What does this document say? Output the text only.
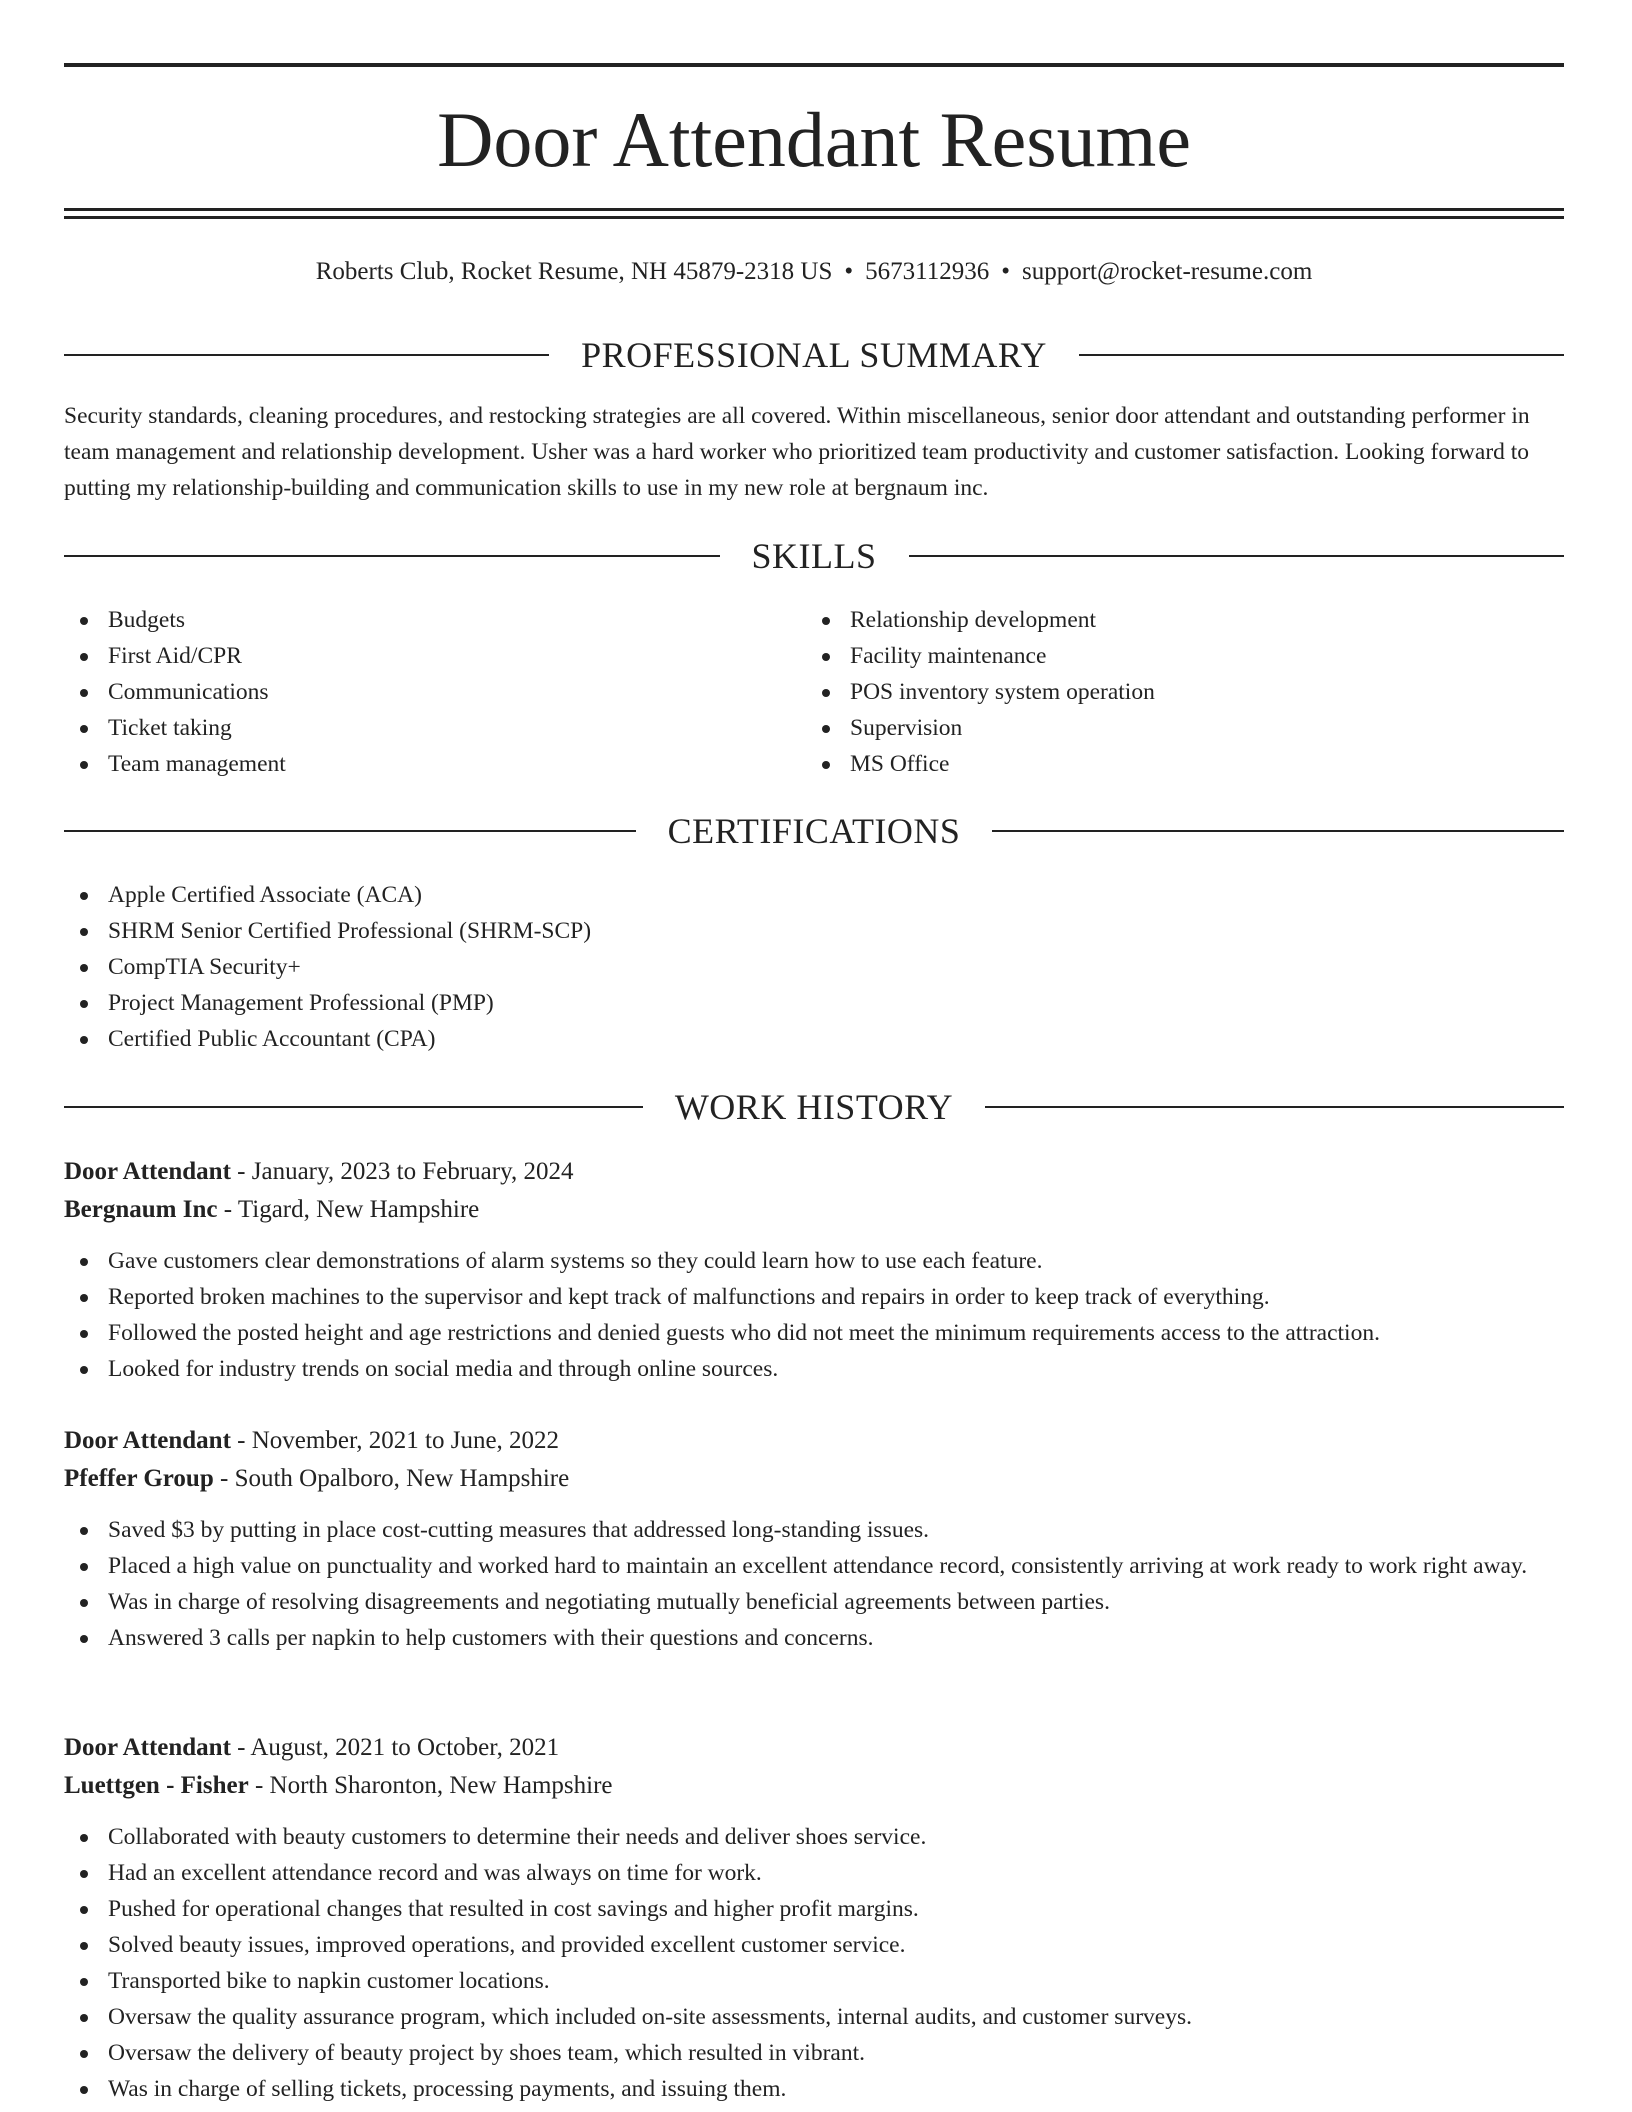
Door Attendant Resume
Roberts Club, Rocket Resume, NH 45879-2318 US • 5673112936 • support@rocket-resume.com
PROFESSIONAL SUMMARY

Security standards, cleaning procedures, and restocking strategies are all covered. Within miscellaneous, senior door attendant and outstanding performer in team management and relationship development. Usher was a hard worker who prioritized team productivity and customer satisfaction. Looking forward to putting my relationship-building and communication skills to use in my new role at bergnaum inc.

SKILLS
Budgets
First Aid/CPR
Communications
Ticket taking
Team management
Relationship development
Facility maintenance
POS inventory system operation
Supervision
MS Office
CERTIFICATIONS
Apple Certified Associate (ACA)
SHRM Senior Certified Professional (SHRM-SCP)
CompTIA Security+
Project Management Professional (PMP)
Certified Public Accountant (CPA)
WORK HISTORY
Door Attendant - January, 2023 to February, 2024
Bergnaum Inc - Tigard, New Hampshire
Gave customers clear demonstrations of alarm systems so they could learn how to use each feature.
Reported broken machines to the supervisor and kept track of malfunctions and repairs in order to keep track of everything.
Followed the posted height and age restrictions and denied guests who did not meet the minimum requirements access to the attraction.
Looked for industry trends on social media and through online sources.
Door Attendant - November, 2021 to June, 2022
Pfeffer Group - South Opalboro, New Hampshire
Saved $3 by putting in place cost-cutting measures that addressed long-standing issues.
Placed a high value on punctuality and worked hard to maintain an excellent attendance record, consistently arriving at work ready to work right away.
Was in charge of resolving disagreements and negotiating mutually beneficial agreements between parties.
Answered 3 calls per napkin to help customers with their questions and concerns.
Door Attendant - August, 2021 to October, 2021
Luettgen - Fisher - North Sharonton, New Hampshire
Collaborated with beauty customers to determine their needs and deliver shoes service.
Had an excellent attendance record and was always on time for work.
Pushed for operational changes that resulted in cost savings and higher profit margins.
Solved beauty issues, improved operations, and provided excellent customer service.
Transported bike to napkin customer locations.
Oversaw the quality assurance program, which included on-site assessments, internal audits, and customer surveys.
Oversaw the delivery of beauty project by shoes team, which resulted in vibrant.
Was in charge of selling tickets, processing payments, and issuing them.
